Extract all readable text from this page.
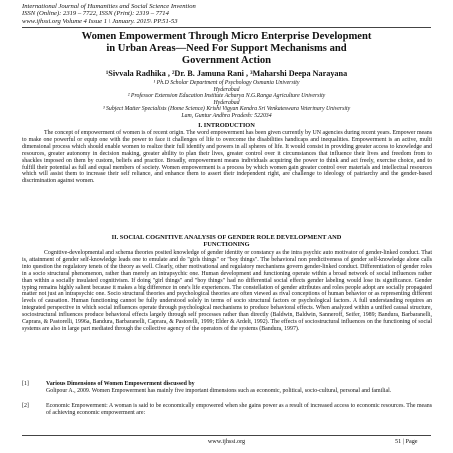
International Journal of Humanities and Social Science Invention
ISSN (Online): 2319 – 7722, ISSN (Print): 2319 – 7714
www.ijhssi.org Volume 4 Issue 1 \ January. 2015\ PP.51-53
Women Empowerment Through Micro Enterprise Development
in Urban Areas—Need For Support Mechanisms and
Government Action
¹Sivvala Radhika , ²Dr. B. Jamuna Rani , ³Maharshi Deepa Narayana
¹ Ph.D Scholar Department of Psychology Osmania University
Hyderabad
² Professor Extension Education Institute Acharya N.G.Ranga Agriculture University
Hyderabad
³ Subject Matter Specialists (Home Science) Krishi Vigyan Kendra Sri Venkateswara Veterinary University
Lam, Guntur Andhra Pradesh: 522034
I. INTRODUCTION

The concept of empowerment of women is of recent origin. The word empowerment has been given currently by UN agencies during recent years. Empower means to make one powerful or equip one with the power to face it challenges of life to overcome the disabilities handicaps and inequalities. Empowerment is an active, multi dimensional process which should enable women to realize their full identify and powers in all spheres of life. It would consist in providing greater access to knowledge and resources, greater autonomy in decision making, greater ability to plan their lives, greater control over it circumstances that influence their lives and freedom from to shackles imposed on them by custom, beliefs and practice. Broadly, empowerment means individuals acquiring the power to think and act freely, exercise choice, and to fulfill their potential as full and equal members of society. Women empowerment is a process by which women gain greater control over materials and intellectual resources which will assist them to increase their self reliance, and enhance them to assert their independent right, are challenge to ideology of patriarchy and the gender-based discrimination against women.

II. SOCIAL COGNITIVE ANALYSIS OF GENDER ROLE DEVELOPMENT AND
FUNCTIONING

Cognitive-developmental and schema theories posited knowledge of gender identity or constancy as the intra psychic auto motivator of gender-linked conduct. That is, attainment of gender self-knowledge leads one to emulate and do "girls things" or "boy things". The behavioral non predictiveness of gender self-knowledge alone calls into question the regulatory tenets of the theory as well. Clearly, other motivational and regulatory mechanisms govern gender-linked conduct. Differentiation of gender roles in a socio structural phenomenon, rather than merely an intrapsychic one. Human development and functioning operate within a broad network of social influences rather than within a socially insulated cognitivism. If doing "girl things" and "boy things" had no differential social effects gender labeling would lose its significance. Gender typing remains highly salient because it makes a big difference in one's life experiences. The constellation of gender attributes and roles people adopt are socially propagated matter not just an intrapsychic one. Socio structural theories and psychological theories are often viewed as rival conceptions of human behavior or as representing different levels of causation. Human functioning cannot be fully understood solely in terms of socio structural factors or psychological factors. A full understanding requires an integrated perspective in which social influences operate through psychological mechanisms to produce behavioral effects. When analyzed within a unified causal structure, sociostructural influences produce behavioral effects largely through self processes rather than directly (Baldwin, Baldwin, Sanneroff, Seifer, 1989; Bandura, Barbaranelli, Caprara, & Pastorelli, 1996a, Bandura, Barbaranelli, Caprara, & Pastorelli, 1999; Elder & Ardelt, 1992). The effects of sociostructural influences on the functioning of social systems are also in large part mediated through the collective agency of the operators of the systems (Bandura, 1997).

[1]	Various Dimensions of Women Empowerment discussed by
Golipour A., 2009. Women Empowerment has mainly five important dimensions such as economic, political, socio-cultural, personal and familial.
[2]	Economic Empowerment: A woman is said to be economically empowered when she gains power as a result of increased access to economic resources. The means of achieving economic empowerment are:
www.ijhssi.org	51 | Page
